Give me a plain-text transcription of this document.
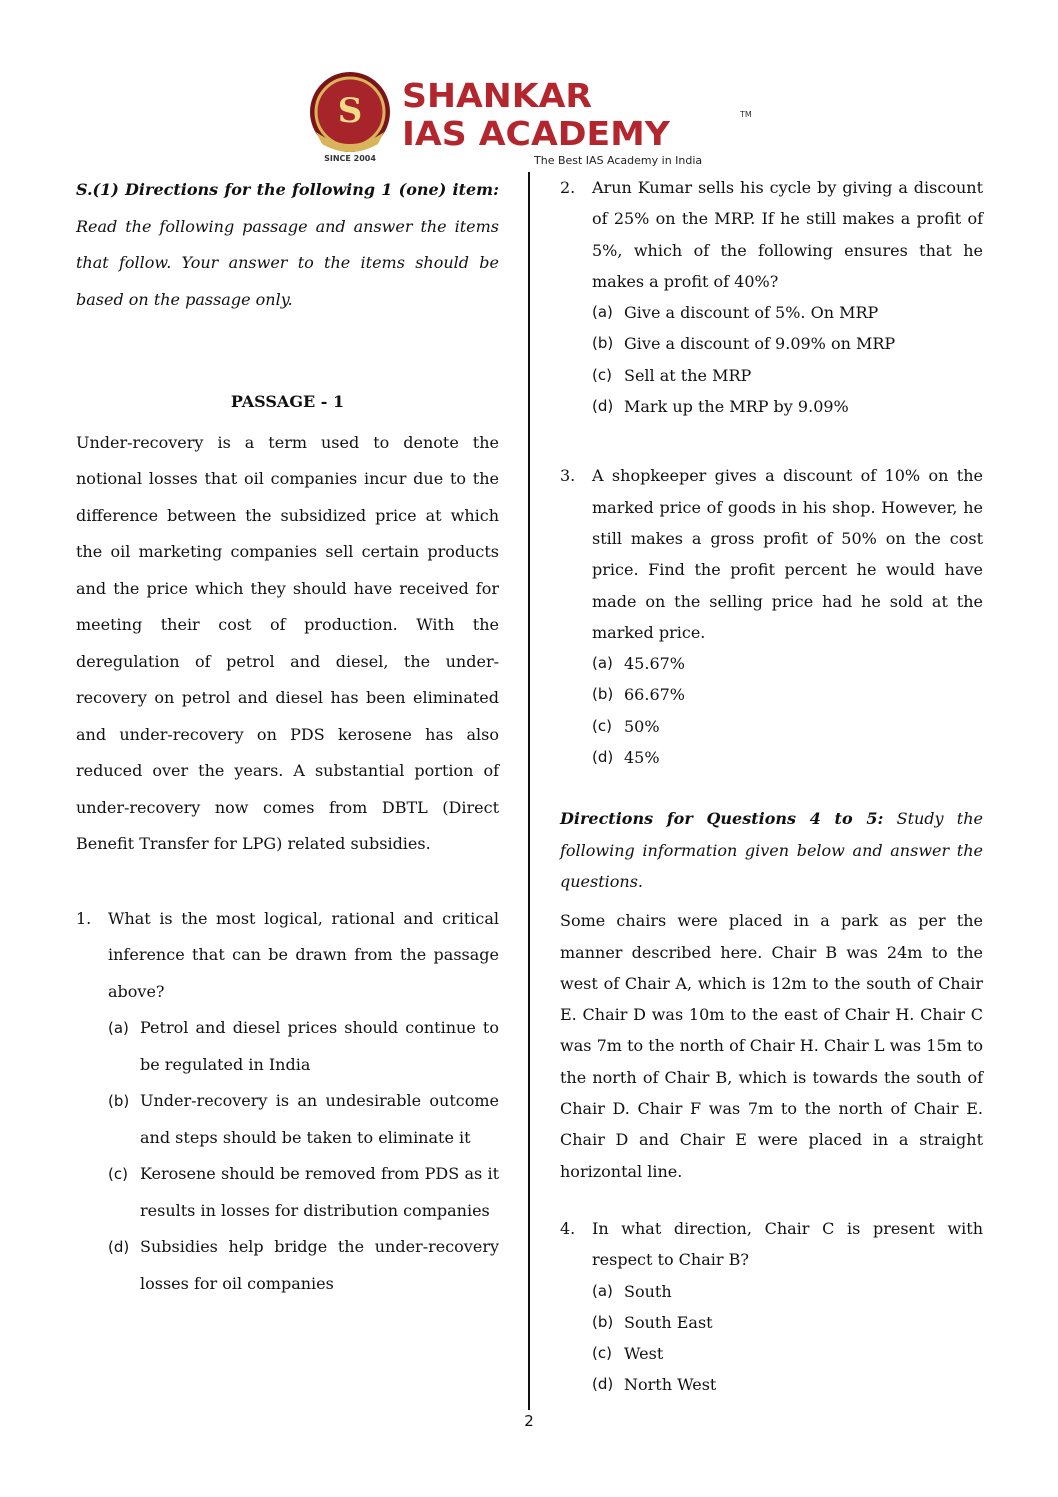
S
SINCE 2004
SHANKAR
IAS ACADEMY	TM
The Best IAS Academy in India

S.(1) Directions for the following 1 (one) item: Read the following passage and answer the items that follow. Your answer to the items should be based on the passage only.

PASSAGE - 1

Under-recovery is a term used to denote the notional losses that oil companies incur due to the difference between the subsidized price at which the oil marketing companies sell certain products and the price which they should have received for meeting their cost of production. With the deregulation of petrol and diesel, the under-recovery on petrol and diesel has been eliminated and under-recovery on PDS kerosene has also reduced over the years. A substantial portion of under-recovery now comes from DBTL (Direct Benefit Transfer for LPG) related subsidies.

1.	What is the most logical, rational and critical inference that can be drawn from the passage above?
(a) Petrol and diesel prices should continue to be regulated in India
(b) Under-recovery is an undesirable outcome and steps should be taken to eliminate it
(c) Kerosene should be removed from PDS as it results in losses for distribution companies
(d) Subsidies help bridge the under-recovery losses for oil companies
2.	Arun Kumar sells his cycle by giving a discount of 25% on the MRP. If he still makes a profit of 5%, which of the following ensures that he makes a profit of 40%?
(a) Give a discount of 5%. On MRP
(b) Give a discount of 9.09% on MRP
(c) Sell at the MRP
(d) Mark up the MRP by 9.09%
3.	A shopkeeper gives a discount of 10% on the marked price of goods in his shop. However, he still makes a gross profit of 50% on the cost price. Find the profit percent he would have made on the selling price had he sold at the marked price.
(a) 45.67%
(b) 66.67%
(c) 50%
(d) 45%

Directions for Questions 4 to 5: Study the following information given below and answer the questions.

Some chairs were placed in a park as per the manner described here. Chair B was 24m to the west of Chair A, which is 12m to the south of Chair E. Chair D was 10m to the east of Chair H. Chair C was 7m to the north of Chair H. Chair L was 15m to the north of Chair B, which is towards the south of Chair D. Chair F was 7m to the north of Chair E. Chair D and Chair E were placed in a straight horizontal line.

4.	In what direction, Chair C is present with respect to Chair B?
(a) South
(b) South East
(c) West
(d) North West
2
